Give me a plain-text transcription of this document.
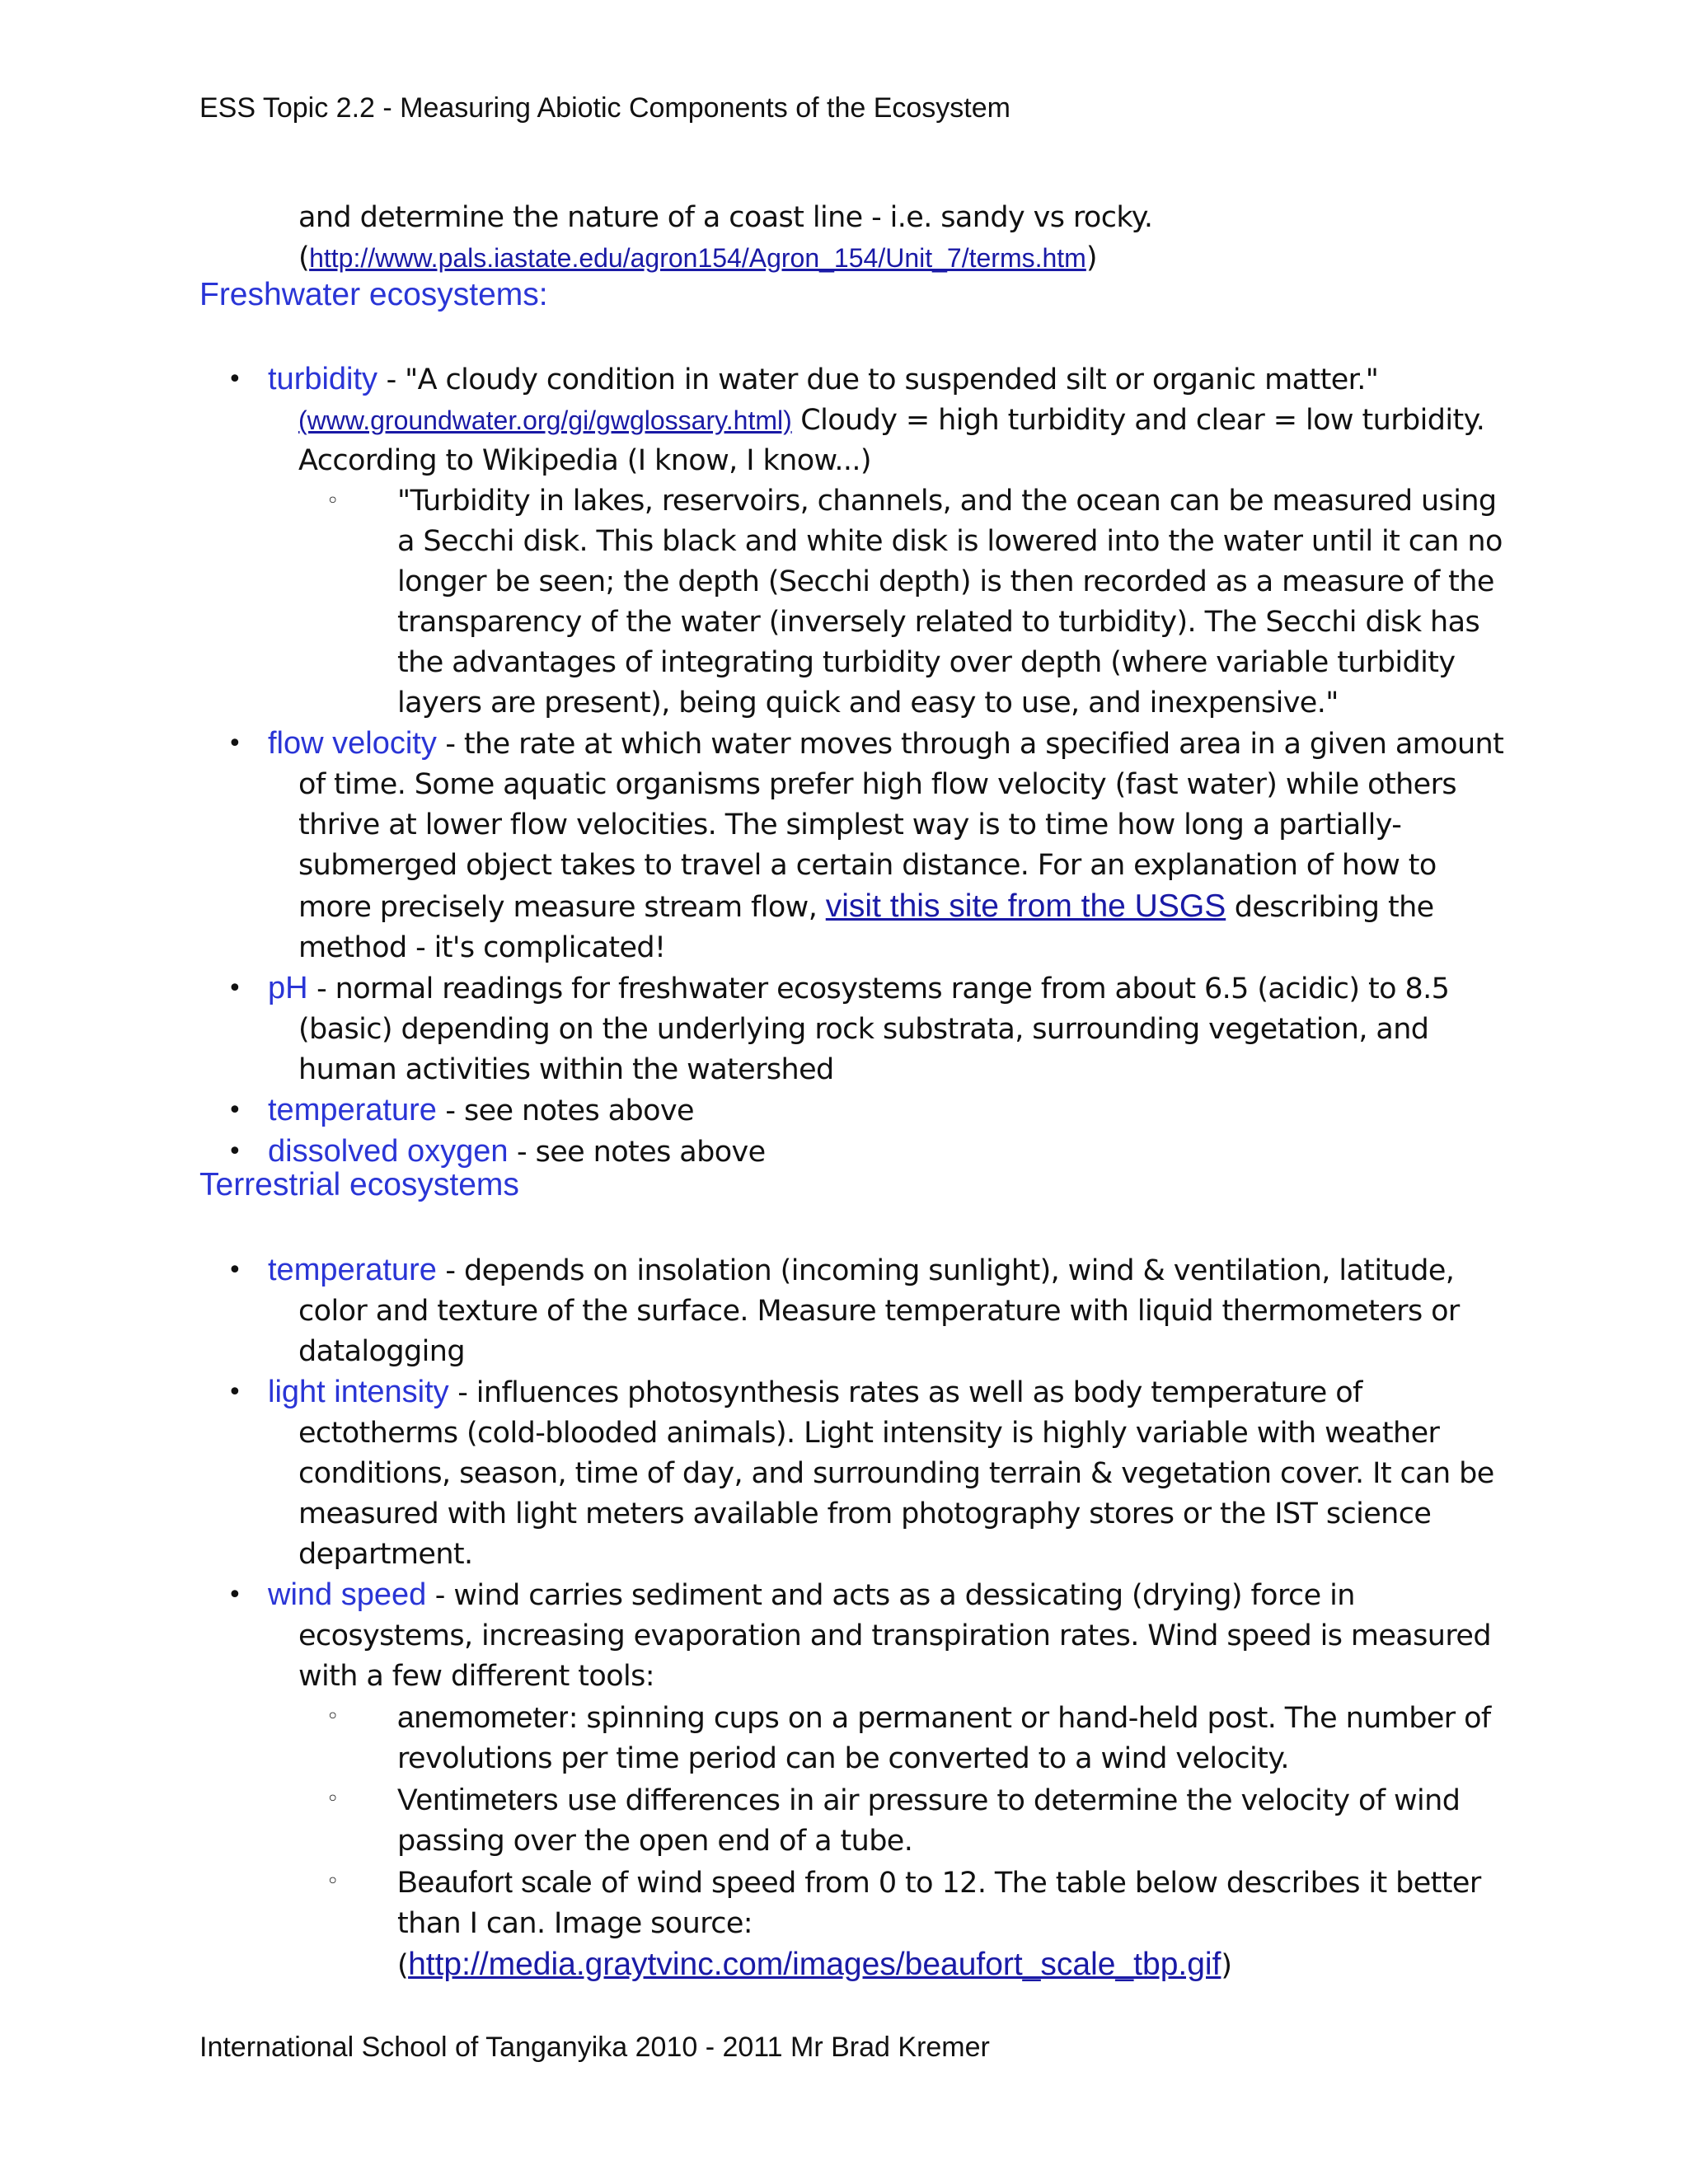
ESS Topic 2.2 - Measuring Abiotic Components of the Ecosystem
and determine the nature of a coast line - i.e. sandy vs rocky.
(http://www.pals.iastate.edu/agron154/Agron_154/Unit_7/terms.htm)
Freshwater ecosystems:
• turbidity - "A cloudy condition in water due to suspended silt or organic matter."(www.groundwater.org/gi/gwglossary.html) Cloudy = high turbidity and clear = low turbidity. According to Wikipedia (I know, I know...)
◦ "Turbidity in lakes, reservoirs, channels, and the ocean can be measured using a Secchi disk. This black and white disk is lowered into the water until it can no longer be seen; the depth (Secchi depth) is then recorded as a measure of the transparency of the water (inversely related to turbidity). The Secchi disk has the advantages of integrating turbidity over depth (where variable turbidity layers are present), being quick and easy to use, and inexpensive."
• flow velocity - the rate at which water moves through a specified area in a given amount of time. Some aquatic organisms prefer high flow velocity (fast water) while others thrive at lower flow velocities. The simplest way is to time how long a partially-submerged object takes to travel a certain distance. For an explanation of how to more precisely measure stream flow, visit this site from the USGS describing the method - it's complicated!
• pH - normal readings for freshwater ecosystems range from about 6.5 (acidic) to 8.5 (basic) depending on the underlying rock substrata, surrounding vegetation, and human activities within the watershed
• temperature - see notes above
• dissolved oxygen - see notes above
Terrestrial ecosystems
• temperature - depends on insolation (incoming sunlight), wind & ventilation, latitude, color and texture of the surface. Measure temperature with liquid thermometers or datalogging
• light intensity - influences photosynthesis rates as well as body temperature of ectotherms (cold-blooded animals). Light intensity is highly variable with weather conditions, season, time of day, and surrounding terrain & vegetation cover. It can be measured with light meters available from photography stores or the IST science department.
• wind speed - wind carries sediment and acts as a dessicating (drying) force in ecosystems, increasing evaporation and transpiration rates. Wind speed is measured with a few different tools:
◦ anemometer: spinning cups on a permanent or hand-held post. The number of revolutions per time period can be converted to a wind velocity.
◦ Ventimeters use differences in air pressure to determine the velocity of wind passing over the open end of a tube.
◦ Beaufort scale of wind speed from 0 to 12. The table below describes it better than I can. Image source:
(http://media.graytvinc.com/images/beaufort_scale_tbp.gif)
International School of Tanganyika 2010 - 2011 Mr Brad Kremer
